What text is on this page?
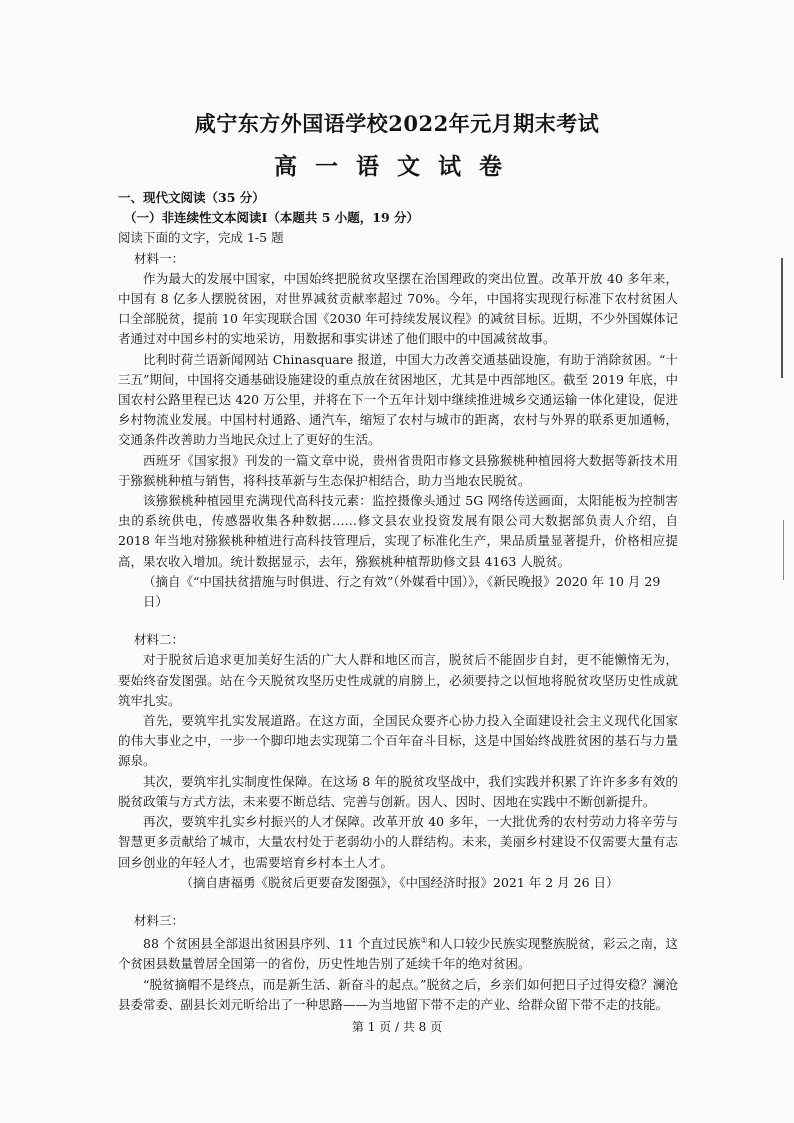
咸宁东方外国语学校2022年元月期末考试
高一语文试卷
一、现代文阅读（35 分）
（一）非连续性文本阅读Ⅰ（本题共 5 小题，19 分）
阅读下面的文字，完成 1-5 题
材料一：

作为最大的发展中国家，中国始终把脱贫攻坚摆在治国理政的突出位置。改革开放 40 多年来，中国有 8 亿多人摆脱贫困，对世界减贫贡献率超过 70%。今年，中国将实现现行标准下农村贫困人口全部脱贫，提前 10 年实现联合国《2030 年可持续发展议程》的减贫目标。近期，不少外国媒体记者通过对中国乡村的实地采访，用数据和事实讲述了他们眼中的中国减贫故事。

比利时荷兰语新闻网站 Chinasquare 报道，中国大力改善交通基础设施，有助于消除贫困。“十三五”期间，中国将交通基础设施建设的重点放在贫困地区，尤其是中西部地区。截至 2019 年底，中国农村公路里程已达 420 万公里，并将在下一个五年计划中继续推进城乡交通运输一体化建设，促进乡村物流业发展。中国村村通路、通汽车，缩短了农村与城市的距离，农村与外界的联系更加通畅，交通条件改善助力当地民众过上了更好的生活。

西班牙《国家报》刊发的一篇文章中说，贵州省贵阳市修文县猕猴桃种植园将大数据等新技术用于猕猴桃种植与销售，将科技革新与生态保护相结合，助力当地农民脱贫。

该猕猴桃种植园里充满现代高科技元素：监控摄像头通过 5G 网络传送画面，太阳能板为控制害虫的系统供电，传感器收集各种数据……修文县农业投资发展有限公司大数据部负责人介绍，自 2018 年当地对猕猴桃种植进行高科技管理后，实现了标准化生产，果品质量显著提升，价格相应提高，果农收入增加。统计数据显示，去年，猕猴桃种植帮助修文县 4163 人脱贫。

（摘自《“中国扶贫措施与时俱进、行之有效”（外媒看中国）》，《新民晚报》2020 年 10 月 29 日）
材料二：

对于脱贫后追求更加美好生活的广大人群和地区而言，脱贫后不能固步自封，更不能懒惰无为，要始终奋发图强。站在今天脱贫攻坚历史性成就的肩膀上，必须要持之以恒地将脱贫攻坚历史性成就筑牢扎实。

首先，要筑牢扎实发展道路。在这方面，全国民众要齐心协力投入全面建设社会主义现代化国家的伟大事业之中，一步一个脚印地去实现第二个百年奋斗目标，这是中国始终战胜贫困的基石与力量源泉。

其次，要筑牢扎实制度性保障。在这场 8 年的脱贫攻坚战中，我们实践并积累了许许多多有效的脱贫政策与方式方法，未来要不断总结、完善与创新。因人、因时、因地在实践中不断创新提升。

再次，要筑牢扎实乡村振兴的人才保障。改革开放 40 多年，一大批优秀的农村劳动力将辛劳与智慧更多贡献给了城市，大量农村处于老弱幼小的人群结构。未来，美丽乡村建设不仅需要大量有志回乡创业的年轻人才，也需要培育乡村本土人才。

（摘自唐福勇《脱贫后更要奋发图强》，《中国经济时报》2021 年 2 月 26 日）
材料三：

88 个贫困县全部退出贫困县序列、11 个直过民族①和人口较少民族实现整族脱贫，彩云之南，这个贫困县数量曾居全国第一的省份，历史性地告别了延续千年的绝对贫困。

“脱贫摘帽不是终点，而是新生活、新奋斗的起点。”脱贫之后，乡亲们如何把日子过得安稳？澜沧县委常委、副县长刘元昕给出了一种思路——为当地留下带不走的产业、给群众留下带不走的技能。

第 1 页 / 共 8 页
